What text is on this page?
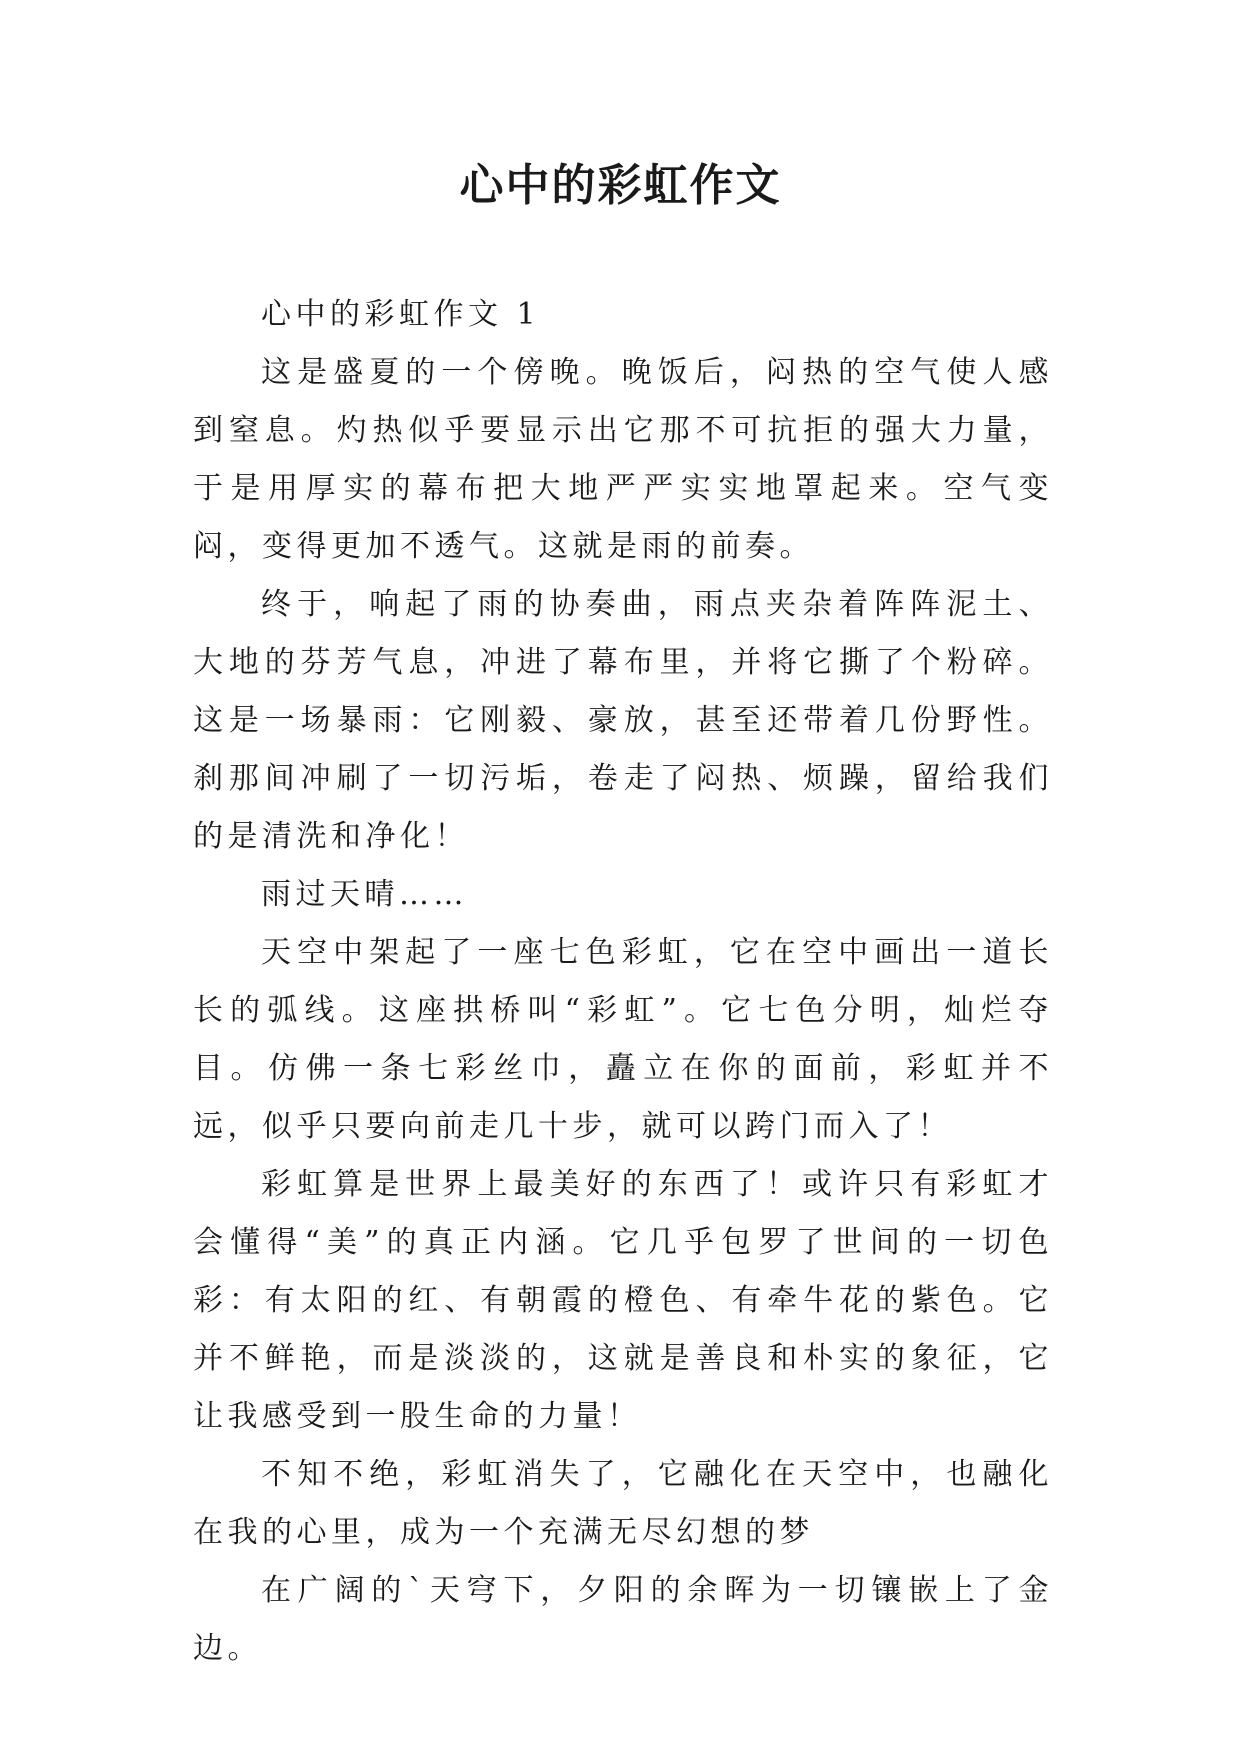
心中的彩虹作文

心中的彩虹作文 1

这是盛夏的一个傍晚。晚饭后，闷热的空气使人感到窒息。灼热似乎要显示出它那不可抗拒的强大力量，于是用厚实的幕布把大地严严实实地罩起来。空气变闷，变得更加不透气。这就是雨的前奏。

终于，响起了雨的协奏曲，雨点夹杂着阵阵泥土、大地的芬芳气息，冲进了幕布里，并将它撕了个粉碎。这是一场暴雨：它刚毅、豪放，甚至还带着几份野性。刹那间冲刷了一切污垢，卷走了闷热、烦躁，留给我们的是清洗和净化！

雨过天晴……

天空中架起了一座七色彩虹，它在空中画出一道长长的弧线。这座拱桥叫“彩虹”。它七色分明，灿烂夺目。仿佛一条七彩丝巾，矗立在你的面前，彩虹并不远，似乎只要向前走几十步，就可以跨门而入了！

彩虹算是世界上最美好的东西了！或许只有彩虹才会懂得“美”的真正内涵。它几乎包罗了世间的一切色彩：有太阳的红、有朝霞的橙色、有牵牛花的紫色。它并不鲜艳，而是淡淡的，这就是善良和朴实的象征，它让我感受到一股生命的力量！

不知不绝，彩虹消失了，它融化在天空中，也融化在我的心里，成为一个充满无尽幻想的梦

在广阔的`天穹下，夕阳的余晖为一切镶嵌上了金边。
